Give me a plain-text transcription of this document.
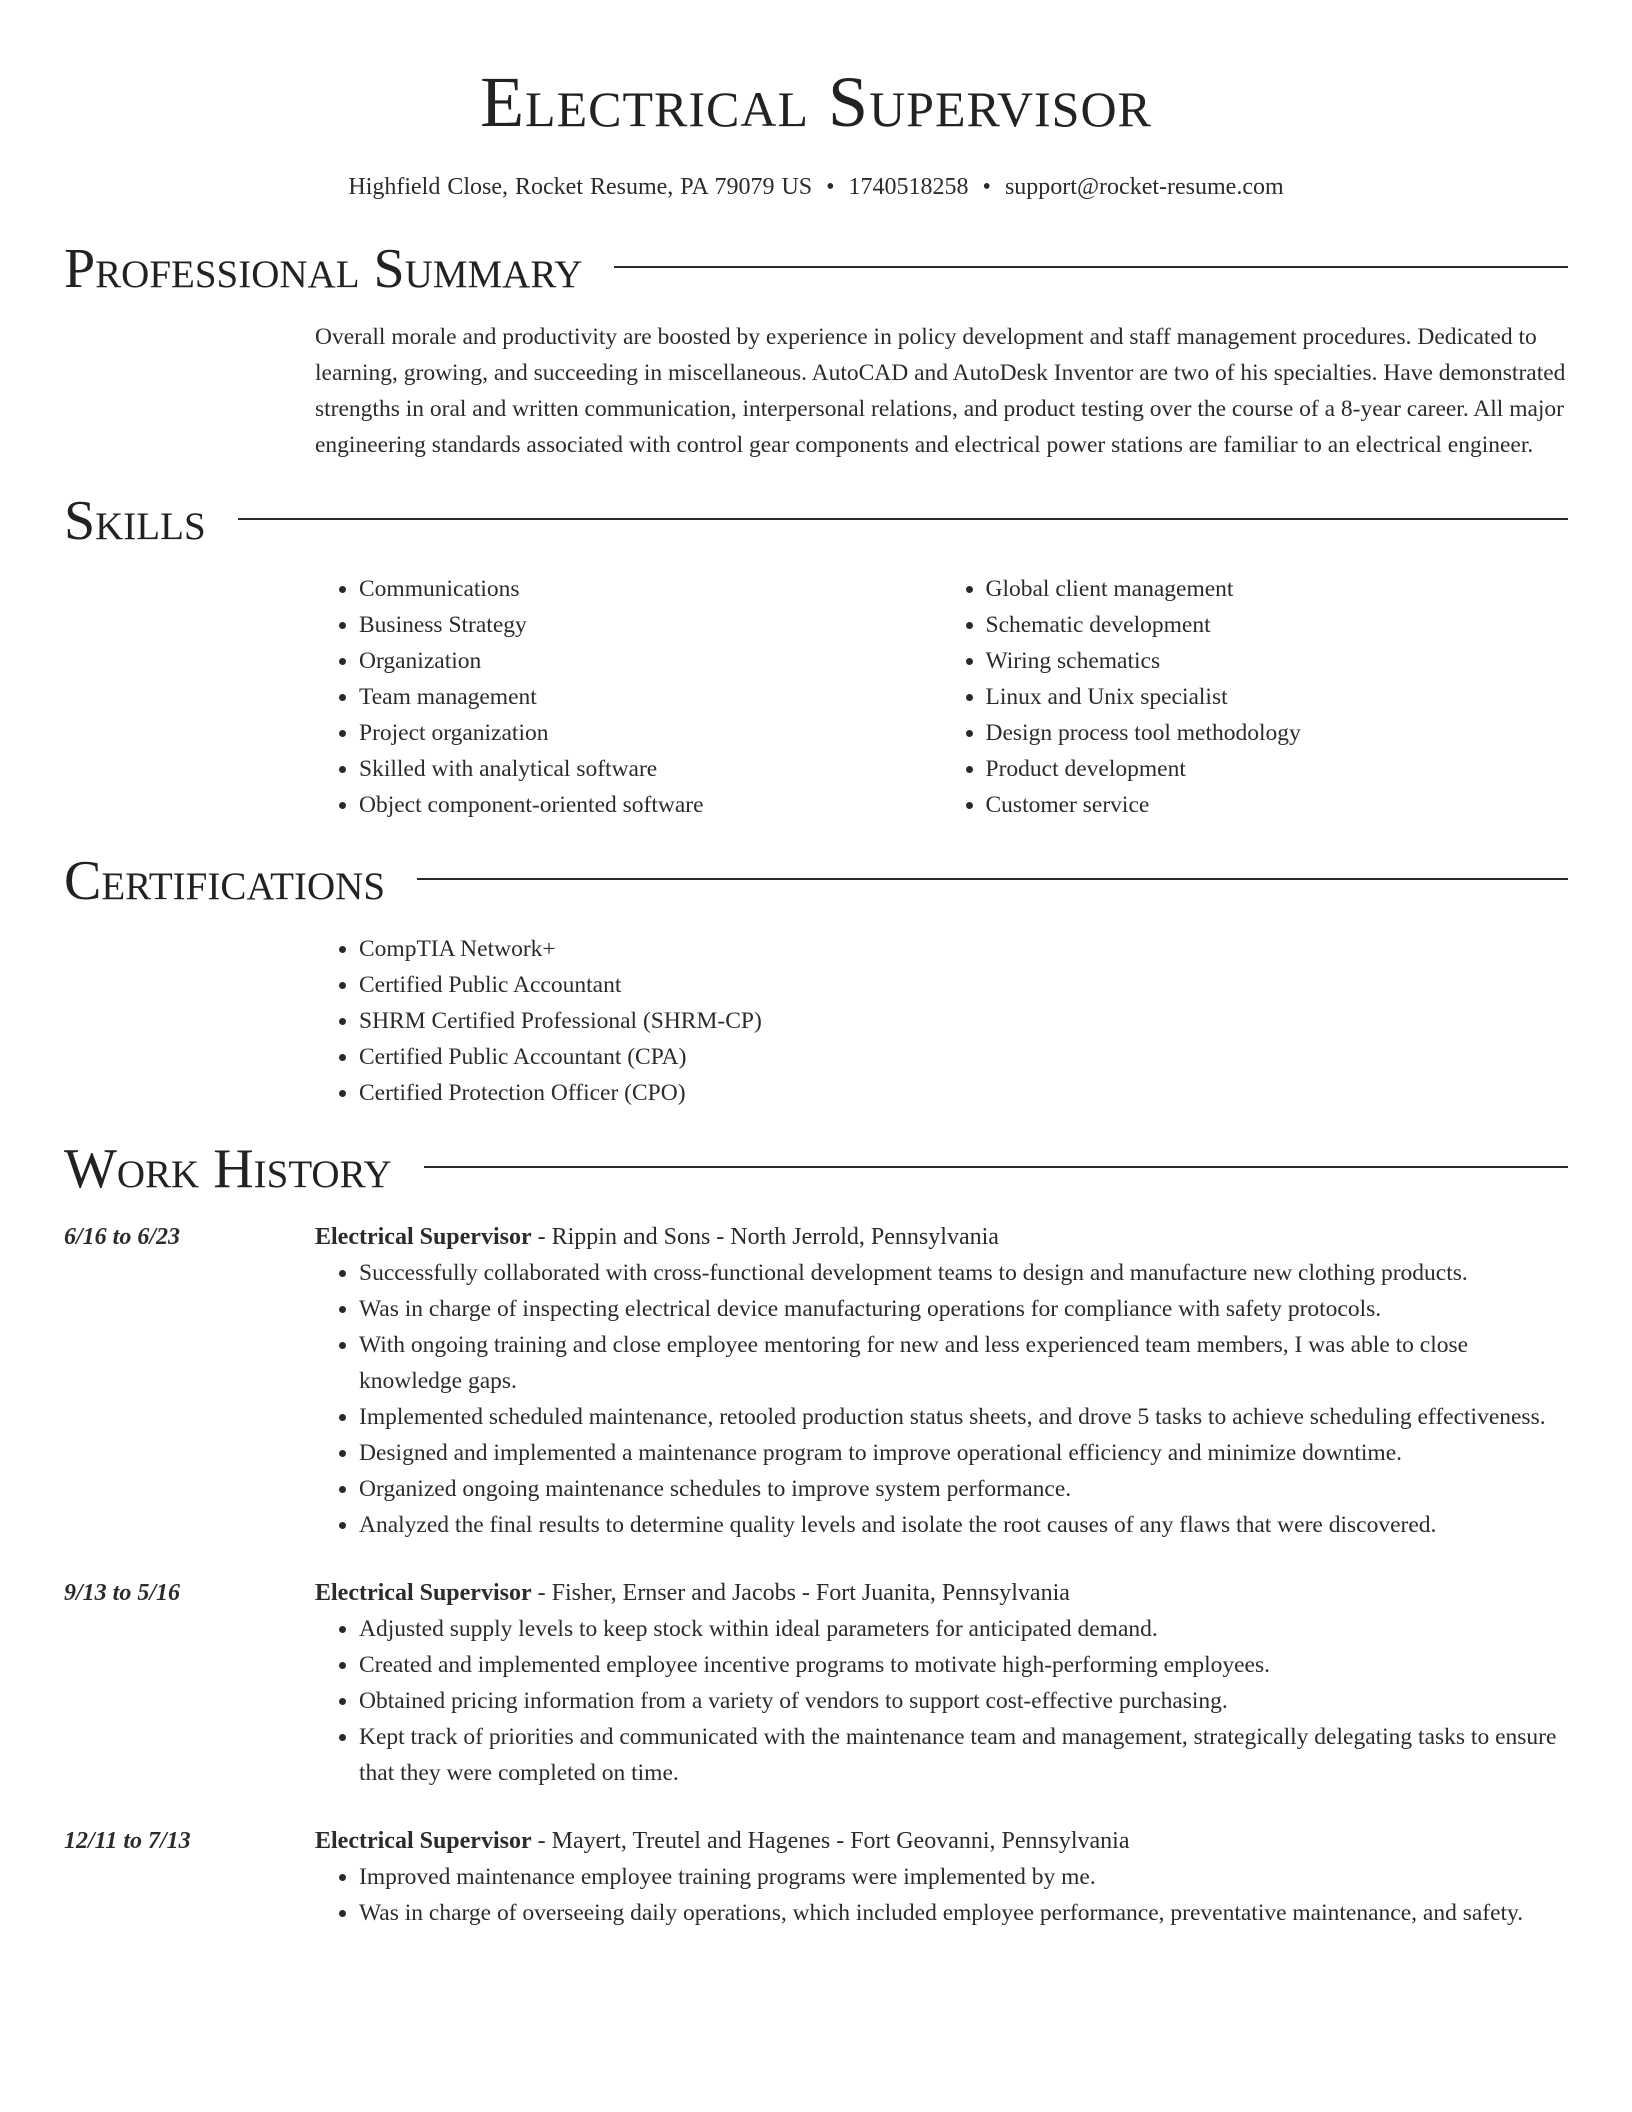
Electrical Supervisor
Highfield Close, Rocket Resume, PA 79079 US • 1740518258 • support@rocket-resume.com
Professional Summary
Overall morale and productivity are boosted by experience in policy development and staff management procedures. Dedicated to learning, growing, and succeeding in miscellaneous. AutoCAD and AutoDesk Inventor are two of his specialties. Have demonstrated strengths in oral and written communication, interpersonal relations, and product testing over the course of a 8-year career. All major engineering standards associated with control gear components and electrical power stations are familiar to an electrical engineer.
Skills
• Communications
• Business Strategy
• Organization
• Team management
• Project organization
• Skilled with analytical software
• Object component-oriented software
• Global client management
• Schematic development
• Wiring schematics
• Linux and Unix specialist
• Design process tool methodology
• Product development
• Customer service
Certifications
• CompTIA Network+
• Certified Public Accountant
• SHRM Certified Professional (SHRM-CP)
• Certified Public Accountant (CPA)
• Certified Protection Officer (CPO)
Work History
6/16 to 6/23	Electrical Supervisor - Rippin and Sons - North Jerrold, Pennsylvania
• Successfully collaborated with cross-functional development teams to design and manufacture new clothing products.
• Was in charge of inspecting electrical device manufacturing operations for compliance with safety protocols.
• With ongoing training and close employee mentoring for new and less experienced team members, I was able to close knowledge gaps.
• Implemented scheduled maintenance, retooled production status sheets, and drove 5 tasks to achieve scheduling effectiveness.
• Designed and implemented a maintenance program to improve operational efficiency and minimize downtime.
• Organized ongoing maintenance schedules to improve system performance.
• Analyzed the final results to determine quality levels and isolate the root causes of any flaws that were discovered.
9/13 to 5/16	Electrical Supervisor - Fisher, Ernser and Jacobs - Fort Juanita, Pennsylvania
• Adjusted supply levels to keep stock within ideal parameters for anticipated demand.
• Created and implemented employee incentive programs to motivate high-performing employees.
• Obtained pricing information from a variety of vendors to support cost-effective purchasing.
• Kept track of priorities and communicated with the maintenance team and management, strategically delegating tasks to ensure that they were completed on time.
12/11 to 7/13	Electrical Supervisor - Mayert, Treutel and Hagenes - Fort Geovanni, Pennsylvania
• Improved maintenance employee training programs were implemented by me.
• Was in charge of overseeing daily operations, which included employee performance, preventative maintenance, and safety.
